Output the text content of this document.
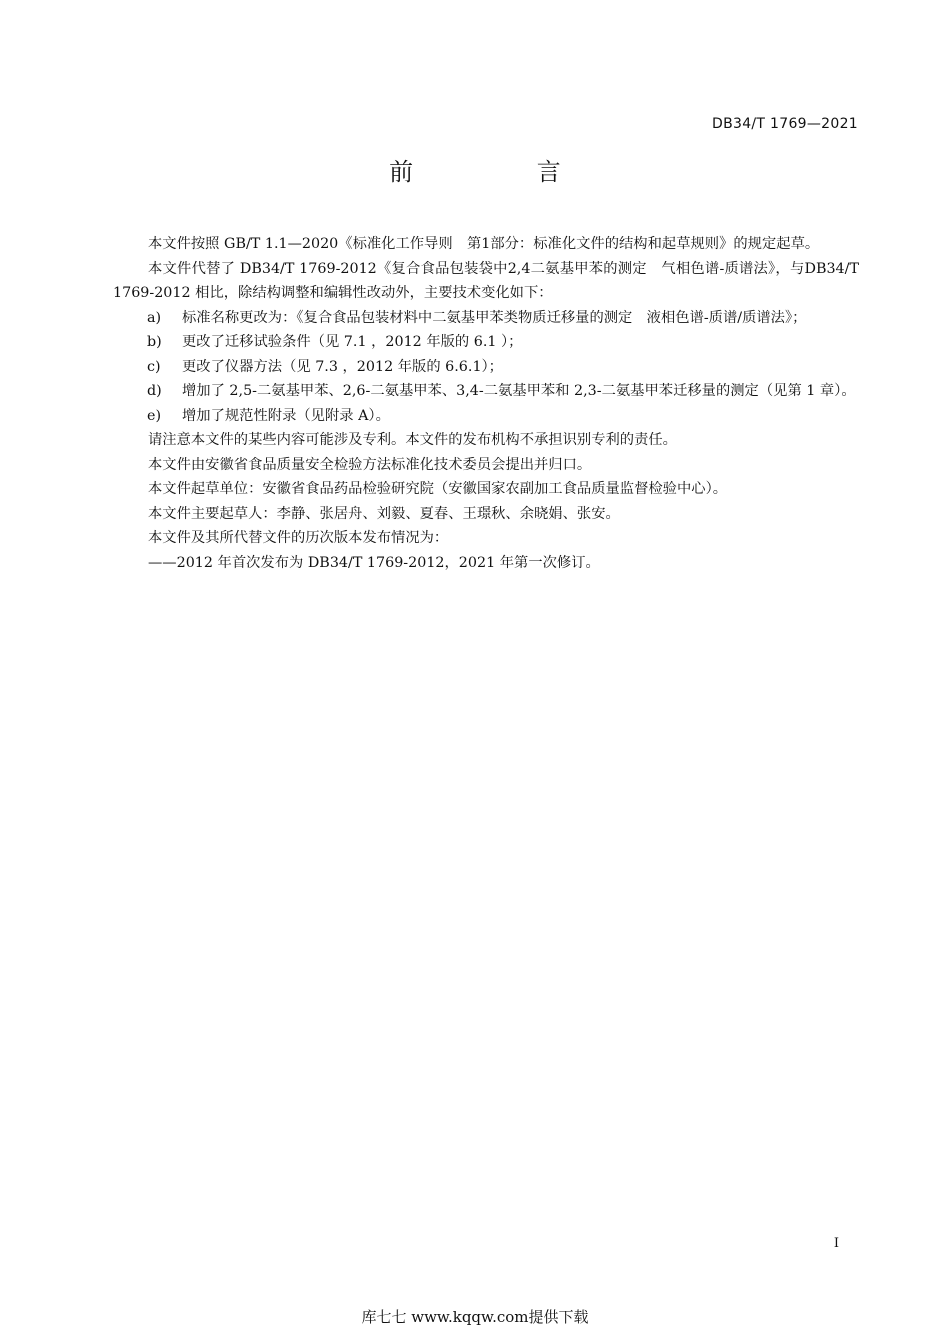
DB34/T 1769—2021
前 言

本文件按照 GB/T 1.1—2020《标准化工作导则　第1部分：标准化文件的结构和起草规则》的规定起草。

本文件代替了 DB34/T 1769-2012《复合食品包装袋中2,4二氨基甲苯的测定　气相色谱-质谱法》，与DB34/T 1769-2012 相比，除结构调整和编辑性改动外，主要技术变化如下：

a) 标准名称更改为：《复合食品包装材料中二氨基甲苯类物质迁移量的测定　液相色谱-质谱/质谱法》；
b) 更改了迁移试验条件（见 7.1 ，2012 年版的 6.1 ）；
c) 更改了仪器方法（见 7.3 ，2012 年版的 6.6.1）；
d) 增加了 2,5-二氨基甲苯、2,6-二氨基甲苯、3,4-二氨基甲苯和 2,3-二氨基甲苯迁移量的测定（见第 1 章）。
e) 增加了规范性附录（见附录 A）。

请注意本文件的某些内容可能涉及专利。本文件的发布机构不承担识别专利的责任。

本文件由安徽省食品质量安全检验方法标准化技术委员会提出并归口。

本文件起草单位：安徽省食品药品检验研究院（安徽国家农副加工食品质量监督检验中心）。

本文件主要起草人：李静、张居舟、刘毅、夏春、王璟秋、余晓娟、张安。

本文件及其所代替文件的历次版本发布情况为：

——2012 年首次发布为 DB34/T 1769-2012，2021 年第一次修订。

I
库七七 www.kqqw.com提供下载
